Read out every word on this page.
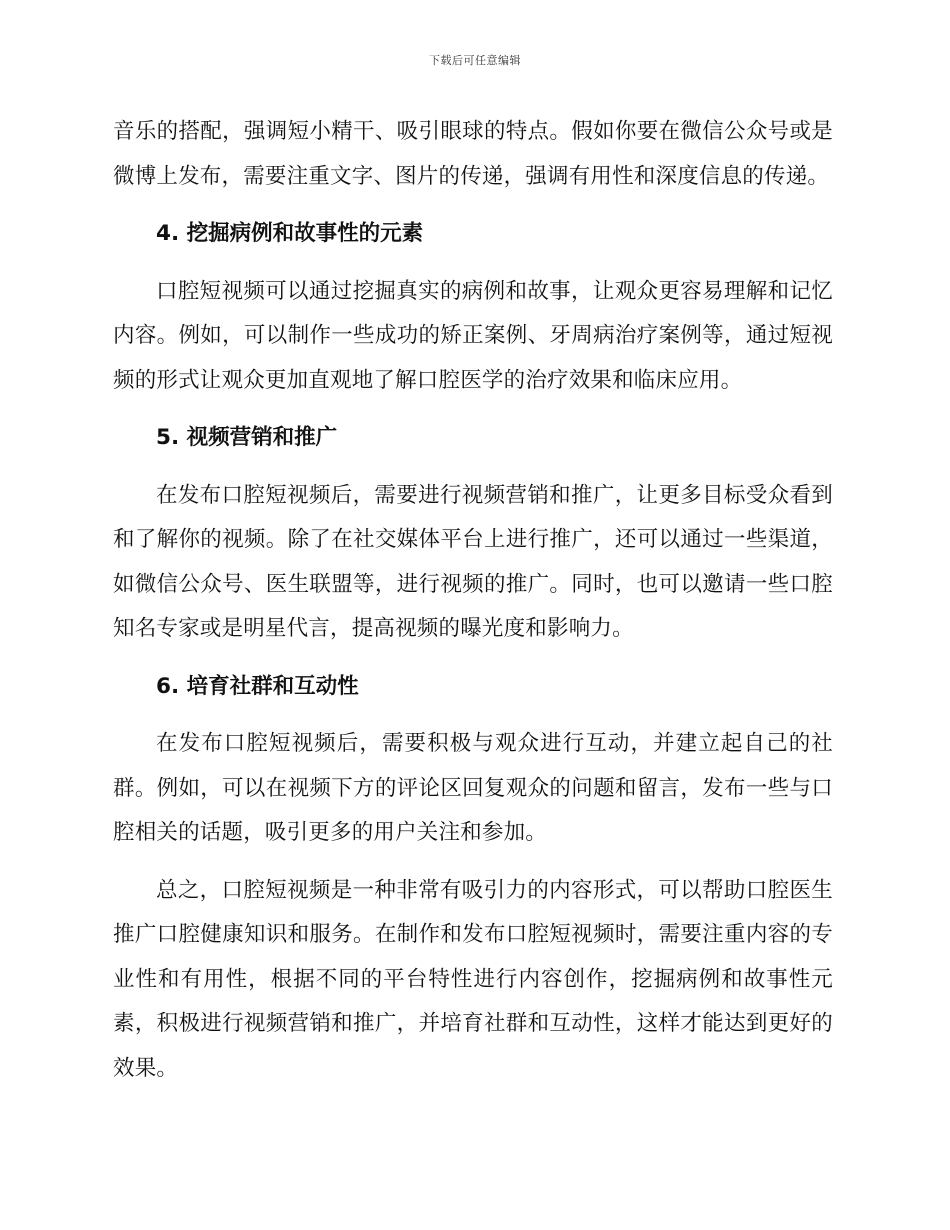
下载后可任意编辑

音乐的搭配，强调短小精干、吸引眼球的特点。假如你要在微信公众号或是微博上发布，需要注重文字、图片的传递，强调有用性和深度信息的传递。

4. 挖掘病例和故事性的元素

口腔短视频可以通过挖掘真实的病例和故事，让观众更容易理解和记忆内容。例如，可以制作一些成功的矫正案例、牙周病治疗案例等，通过短视频的形式让观众更加直观地了解口腔医学的治疗效果和临床应用。

5. 视频营销和推广

在发布口腔短视频后，需要进行视频营销和推广，让更多目标受众看到和了解你的视频。除了在社交媒体平台上进行推广，还可以通过一些渠道，如微信公众号、医生联盟等，进行视频的推广。同时，也可以邀请一些口腔知名专家或是明星代言，提高视频的曝光度和影响力。

6. 培育社群和互动性

在发布口腔短视频后，需要积极与观众进行互动，并建立起自己的社群。例如，可以在视频下方的评论区回复观众的问题和留言，发布一些与口腔相关的话题，吸引更多的用户关注和参加。

总之，口腔短视频是一种非常有吸引力的内容形式，可以帮助口腔医生推广口腔健康知识和服务。在制作和发布口腔短视频时，需要注重内容的专业性和有用性，根据不同的平台特性进行内容创作，挖掘病例和故事性元素，积极进行视频营销和推广，并培育社群和互动性，这样才能达到更好的效果。
